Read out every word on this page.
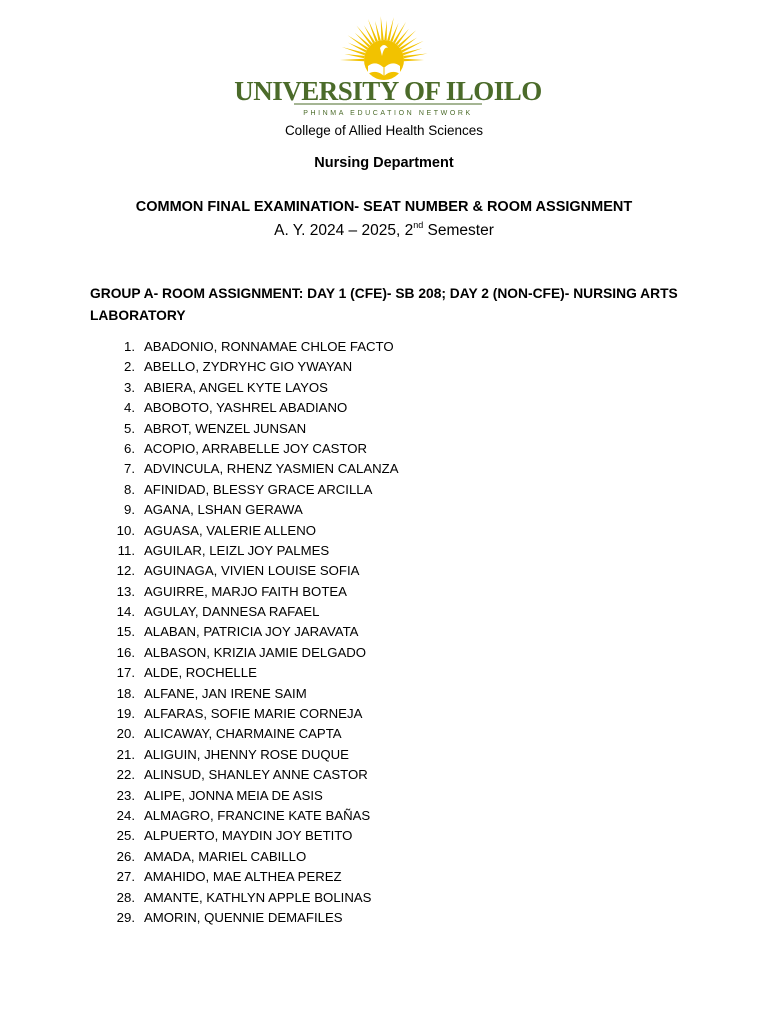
UNIVERSITY OF ILOILO
PHINMA EDUCATION NETWORK
College of Allied Health Sciences
Nursing Department
COMMON FINAL EXAMINATION- SEAT NUMBER & ROOM ASSIGNMENT
A. Y. 2024 – 2025, 2nd Semester
GROUP A- ROOM ASSIGNMENT: DAY 1 (CFE)- SB 208; DAY 2 (NON-CFE)- NURSING ARTS LABORATORY
1. ABADONIO, RONNAMAE CHLOE FACTO
2. ABELLO, ZYDRYHC GIO YWAYAN
3. ABIERA, ANGEL KYTE LAYOS
4. ABOBOTO, YASHREL ABADIANO
5. ABROT, WENZEL JUNSAN
6. ACOPIO, ARRABELLE JOY CASTOR
7. ADVINCULA, RHENZ YASMIEN CALANZA
8. AFINIDAD, BLESSY GRACE ARCILLA
9. AGANA, LSHAN GERAWA
10. AGUASA, VALERIE ALLENO
11. AGUILAR, LEIZL JOY PALMES
12. AGUINAGA, VIVIEN LOUISE SOFIA
13. AGUIRRE, MARJO FAITH BOTEA
14. AGULAY, DANNESA RAFAEL
15. ALABAN, PATRICIA JOY JARAVATA
16. ALBASON, KRIZIA JAMIE DELGADO
17. ALDE, ROCHELLE
18. ALFANE, JAN IRENE SAIM
19. ALFARAS, SOFIE MARIE CORNEJA
20. ALICAWAY, CHARMAINE CAPTA
21. ALIGUIN, JHENNY ROSE DUQUE
22. ALINSUD, SHANLEY ANNE CASTOR
23. ALIPE, JONNA MEIA DE ASIS
24. ALMAGRO, FRANCINE KATE BAÑAS
25. ALPUERTO, MAYDIN JOY BETITO
26. AMADA, MARIEL CABILLO
27. AMAHIDO, MAE ALTHEA PEREZ
28. AMANTE, KATHLYN APPLE BOLINAS
29. AMORIN, QUENNIE DEMAFILES
